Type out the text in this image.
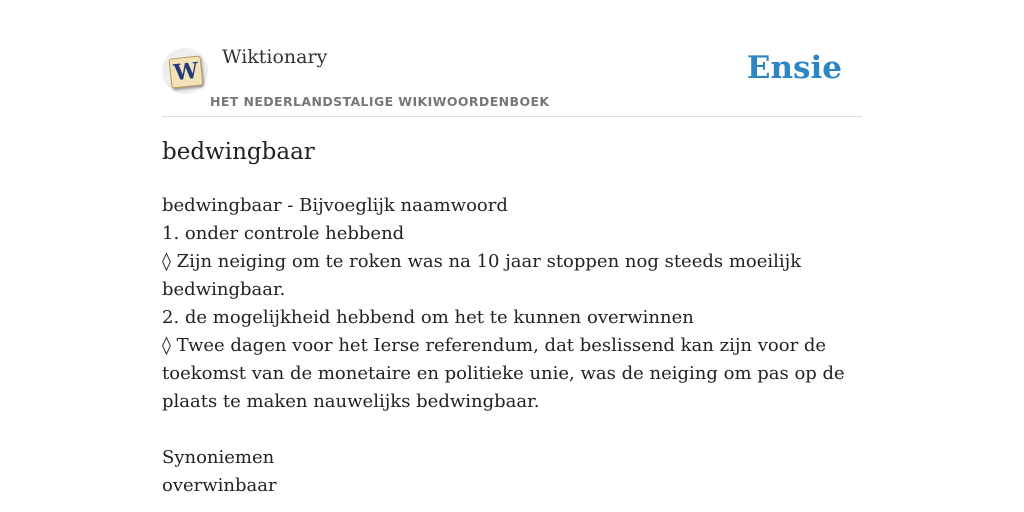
W
Wiktionary
HET NEDERLANDSTALIGE WIKIWOORDENBOEK
Ensie
bedwingbaar
bedwingbaar - Bijvoeglijk naamwoord
1. onder controle hebbend
◊ Zijn neiging om te roken was na 10 jaar stoppen nog steeds moeilijk bedwingbaar.
2. de mogelijkheid hebbend om het te kunnen overwinnen
◊ Twee dagen voor het Ierse referendum, dat beslissend kan zijn voor de toekomst van de monetaire en politieke unie, was de neiging om pas op de plaats te maken nauwelijks bedwingbaar.
Synoniemen
overwinbaar
